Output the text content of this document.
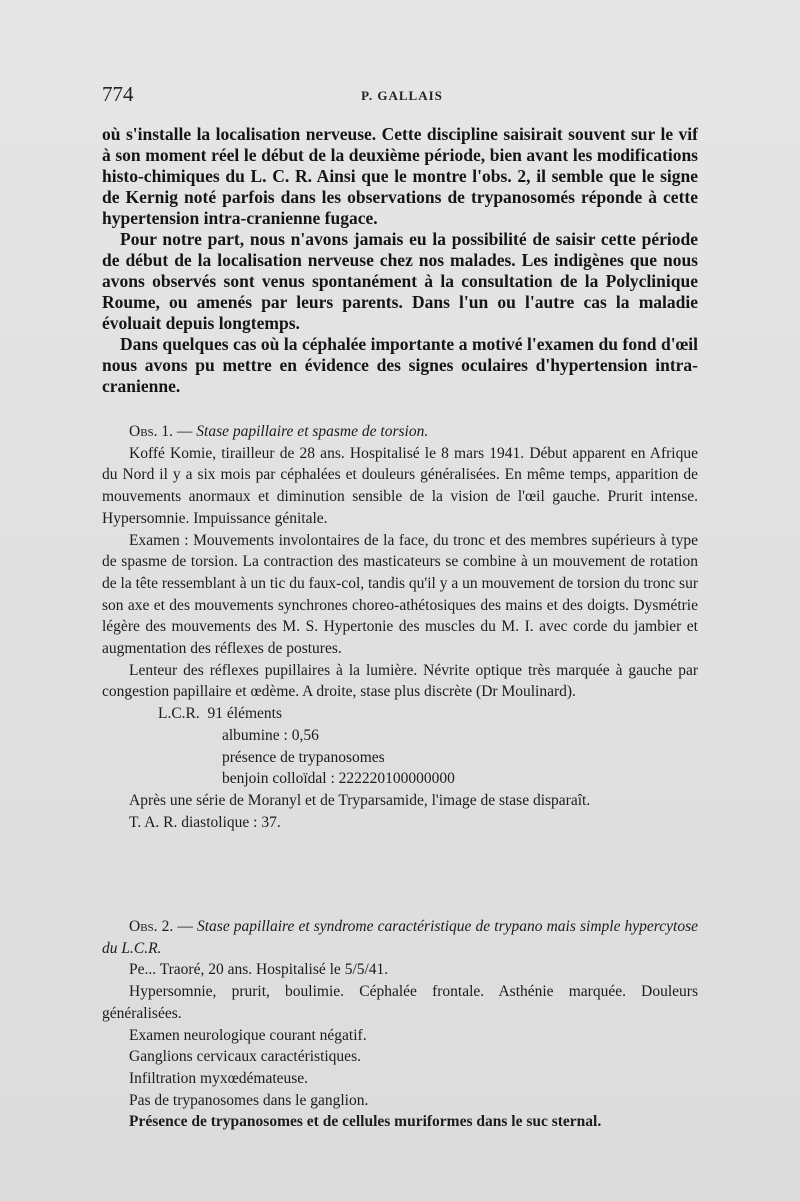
774	P. GALLAIS

où s'installe la localisation nerveuse. Cette discipline saisirait souvent sur le vif à son moment réel le début de la deuxième période, bien avant les modifications histo-chimiques du L. C. R. Ainsi que le montre l'obs. 2, il semble que le signe de Kernig noté parfois dans les observations de trypanosomés réponde à cette hypertension intra-cranienne fugace.

Pour notre part, nous n'avons jamais eu la possibilité de saisir cette période de début de la localisation nerveuse chez nos malades. Les indigènes que nous avons observés sont venus spontanément à la consultation de la Polyclinique Roume, ou amenés par leurs parents. Dans l'un ou l'autre cas la maladie évoluait depuis longtemps.

Dans quelques cas où la céphalée importante a motivé l'examen du fond d'œil nous avons pu mettre en évidence des signes oculaires d'hypertension intra-cranienne.

Obs. 1. — Stase papillaire et spasme de torsion.

Koffé Komie, tirailleur de 28 ans. Hospitalisé le 8 mars 1941. Début apparent en Afrique du Nord il y a six mois par céphalées et douleurs généralisées. En même temps, apparition de mouvements anormaux et diminution sensible de la vision de l'œil gauche. Prurit intense. Hypersomnie. Impuissance génitale.

Examen : Mouvements involontaires de la face, du tronc et des membres supérieurs à type de spasme de torsion. La contraction des masticateurs se combine à un mouvement de rotation de la tête ressemblant à un tic du faux-col, tandis qu'il y a un mouvement de torsion du tronc sur son axe et des mouvements synchrones choreo-athétosiques des mains et des doigts. Dysmétrie légère des mouvements des M. S. Hypertonie des muscles du M. I. avec corde du jambier et augmentation des réflexes de postures.

Lenteur des réflexes pupillaires à la lumière. Névrite optique très marquée à gauche par congestion papillaire et œdème. A droite, stase plus discrète (Dr Moulinard).

L.C.R. 91 éléments

albumine : 0,56

présence de trypanosomes

benjoin colloïdal : 222220100000000

Après une série de Moranyl et de Tryparsamide, l'image de stase disparaît.

T. A. R. diastolique : 37.

Obs. 2. — Stase papillaire et syndrome caractéristique de trypano mais simple hypercytose du L.C.R.

Pe... Traoré, 20 ans. Hospitalisé le 5/5/41.

Hypersomnie, prurit, boulimie. Céphalée frontale. Asthénie marquée. Douleurs généralisées.

Examen neurologique courant négatif.

Ganglions cervicaux caractéristiques.

Infiltration myxœdémateuse.

Pas de trypanosomes dans le ganglion.

Présence de trypanosomes et de cellules muriformes dans le suc sternal.
